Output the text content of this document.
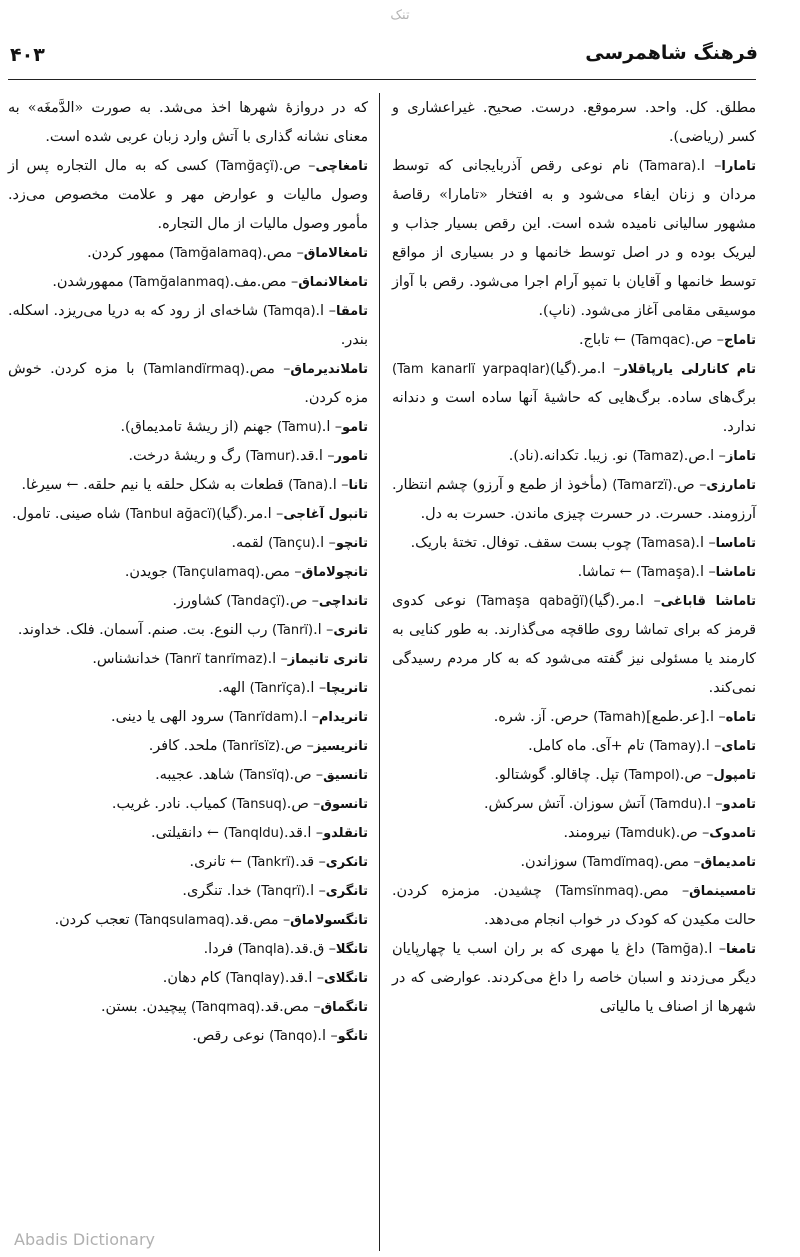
تنک
فرهنگ شاهمرسی
۴۰۳

مطلق. کل. واحد. سرموقع. درست. صحیح. غیراعشاری و کسر (ریاضی).

تامارا– ا.(Tamara) نام نوعی رقص آذربایجانی که توسط مردان و زنان ایفاء می‌شود و به افتخار «تامارا» رقاصهٔ مشهور سالیانی نامیده شده است. این رقص بسیار جذاب و لیریک بوده و در اصل توسط خانمها و در بسیاری از مواقع توسط خانمها و آقایان با تمپو آرام اجرا می‌شود. رقص با آواز موسیقی مقامی آغاز می‌شود. (ناپ).

تاماج– ص.(Tamqac) ← تاباج.

تام کانارلی یارپاقلار– ا.مر.(گیا)(Tam kanarlï yarpaqlar) برگ‌های ساده. برگ‌هایی که حاشیهٔ آنها ساده است و دندانه ندارد.

تاماز– ا.ص.(Tamaz) نو. زیبا. تکدانه.(ناد).

تامارزی– ص.(Tamarzï) (مأخوذ از طمع و آرزو) چشم انتظار. آرزومند. حسرت. در حسرت چیزی ماندن. حسرت به دل.

تاماسا– ا.(Tamasa) چوب بست سقف. توفال. تختهٔ باریک.

تاماشا– ا.(Tamaşa) ← تماشا.

تاماشا قاباغی– ا.مر.(گیا)(Tamaşa qabağï) نوعی کدوی قرمز که برای تماشا روی طاقچه می‌گذارند. به طور کنایی به کارمند یا مسئولی نیز گفته می‌شود که به کار مردم رسیدگی نمی‌کند.

تاماه– ا.[عر.طمع](Tamah) حرص. آز. شره.

تامای– ا.(Tamay) تام +آی. ماه کامل.

تامپول– ص.(Tampol) تپل. چاقالو. گوشتالو.

تامدو– ا.(Tamdu) آتش سوزان. آتش سرکش.

تامدوک– ص.(Tamduk) نیرومند.

تامدیماق– مص.(Tamdïmaq) سوزاندن.

تامسینماق– مص.(Tamsïnmaq) چشیدن. مزمزه کردن. حالت مکیدن که کودک در خواب انجام می‌دهد.

تامغا– ا.(Tamğa) داغ یا مهری که بر ران اسب یا چهارپایان دیگر می‌زدند و اسبان خاصه را داغ می‌کردند. عوارضی که در شهرها از اصناف یا مالیاتی

که در دروازهٔ شهرها اخذ می‌شد. به صورت «الدَّمغَه» به معنای نشانه گذاری با آتش وارد زبان عربی شده است.

تامغاچی– ص.(Tamğaçï) کسی که به مال التجاره پس از وصول مالیات و عوارض مهر و علامت مخصوص می‌زد. مأمور وصول مالیات از مال التجاره.

تامغالاماق– مص.(Tamğalamaq) ممهور کردن.

تامغالانماق– مص.مف.(Tamğalanmaq) ممهورشدن.

تامقا– ا.(Tamqa) شاخه‌ای از رود که به دریا می‌ریزد. اسکله. بندر.

تاملاندیرماق– مص.(Tamlandïrmaq) با مزه کردن. خوش مزه کردن.

تامو– ا.(Tamu) جهنم (از ریشهٔ تامدیماق).

تامور– ا.قد.(Tamur) رگ و ریشهٔ درخت.

تانا– ا.(Tana) قطعات به شکل حلقه یا نیم حلقه. ← سیرغا.

تانبول آغاجی– ا.مر.(گیا)(Tanbul ağacï) شاه صینی. تامول.

تانچو– ا.(Tançu) لقمه.

تانچولاماق– مص.(Tançulamaq) جویدن.

تانداچی– ص.(Tandaçï) کشاورز.

تانری– ا.(Tanrï) رب النوع. بت. صنم. آسمان. فلک. خداوند.

تانری تانیماز– ا.(Tanrï tanrïmaz) خدانشناس.

تانریچا– ا.(Tanrïça) الهه.

تانریدام– ا.(Tanrïdam) سرود الهی یا دینی.

تانریسیز– ص.(Tanrïsïz) ملحد. کافر.

تانسیق– ص.(Tansïq) شاهد. عجیبه.

تانسوق– ص.(Tansuq) کمیاب. نادر. غریب.

تانقلدو– ا.قد.(Tanqldu) ← دانقیلتی.

تانکری– قد.(Tankrï) ← تانری.

تانگری– ا.(Tanqrï) خدا. تنگری.

تانگسولاماق– مص.قد.(Tanqsulamaq) تعجب کردن.

تانگلا– ق.قد.(Tanqla) فردا.

تانگلای– ا.قد.(Tanqlay) کام دهان.

تانگماق– مص.قد.(Tanqmaq) پیچیدن. بستن.

تانگو– ا.(Tanqo) نوعی رقص.

Abadis Dictionary
